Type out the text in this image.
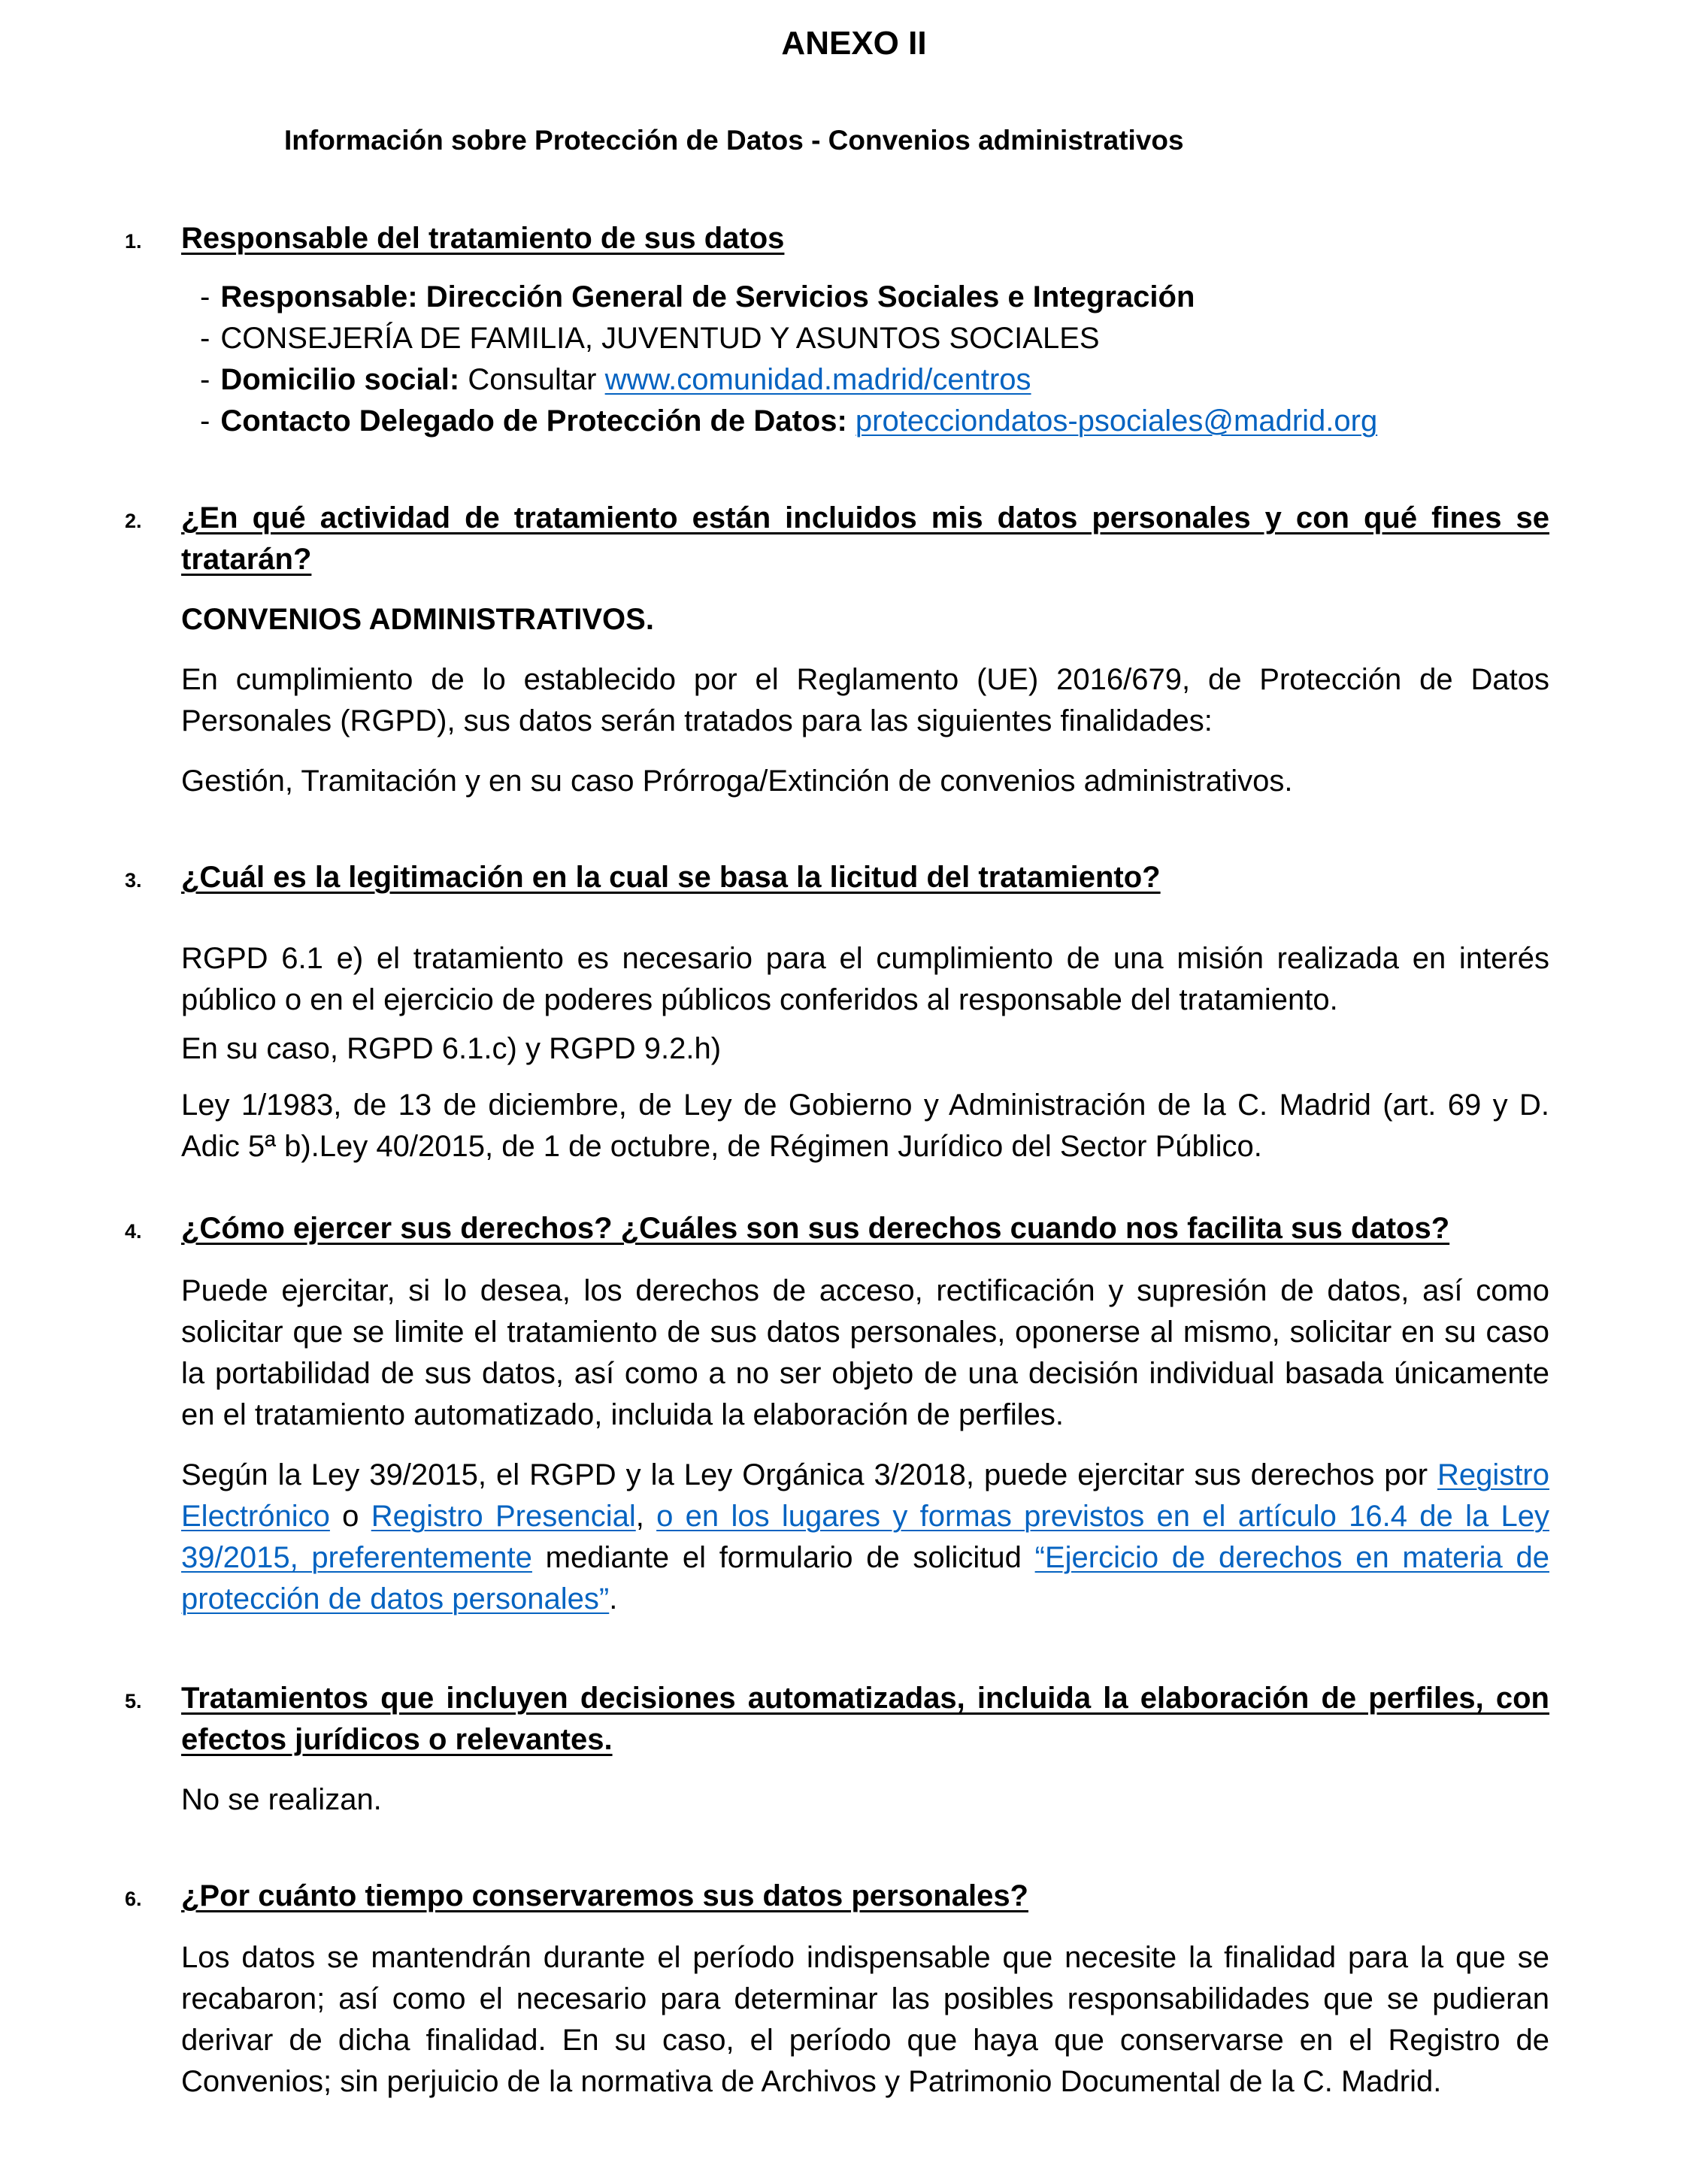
ANEXO II
Información sobre Protección de Datos - Convenios administrativos
1. Responsable del tratamiento de sus datos
- Responsable: Dirección General de Servicios Sociales e Integración
- CONSEJERÍA DE FAMILIA, JUVENTUD Y ASUNTOS SOCIALES
- Domicilio social: Consultar www.comunidad.madrid/centros
- Contacto Delegado de Protección de Datos: protecciondatos-psociales@madrid.org
2. ¿En qué actividad de tratamiento están incluidos mis datos personales y con qué fines se tratarán?
CONVENIOS ADMINISTRATIVOS.
En cumplimiento de lo establecido por el Reglamento (UE) 2016/679, de Protección de Datos Personales (RGPD), sus datos serán tratados para las siguientes finalidades:
Gestión, Tramitación y en su caso Prórroga/Extinción de convenios administrativos.
3. ¿Cuál es la legitimación en la cual se basa la licitud del tratamiento?
RGPD 6.1 e) el tratamiento es necesario para el cumplimiento de una misión realizada en interés público o en el ejercicio de poderes públicos conferidos al responsable del tratamiento.
En su caso, RGPD 6.1.c) y RGPD 9.2.h)
Ley 1/1983, de 13 de diciembre, de Ley de Gobierno y Administración de la C. Madrid (art. 69 y D. Adic 5ª b).Ley 40/2015, de 1 de octubre, de Régimen Jurídico del Sector Público.
4. ¿Cómo ejercer sus derechos? ¿Cuáles son sus derechos cuando nos facilita sus datos?
Puede ejercitar, si lo desea, los derechos de acceso, rectificación y supresión de datos, así como solicitar que se limite el tratamiento de sus datos personales, oponerse al mismo, solicitar en su caso la portabilidad de sus datos, así como a no ser objeto de una decisión individual basada únicamente en el tratamiento automatizado, incluida la elaboración de perfiles.
Según la Ley 39/2015, el RGPD y la Ley Orgánica 3/2018, puede ejercitar sus derechos por Registro Electrónico o Registro Presencial, o en los lugares y formas previstos en el artículo 16.4 de la Ley 39/2015, preferentemente mediante el formulario de solicitud “Ejercicio de derechos en materia de protección de datos personales”.
5. Tratamientos que incluyen decisiones automatizadas, incluida la elaboración de perfiles, con efectos jurídicos o relevantes.
No se realizan.
6. ¿Por cuánto tiempo conservaremos sus datos personales?
Los datos se mantendrán durante el período indispensable que necesite la finalidad para la que se recabaron; así como el necesario para determinar las posibles responsabilidades que se pudieran derivar de dicha finalidad. En su caso, el período que haya que conservarse en el Registro de Convenios; sin perjuicio de la normativa de Archivos y Patrimonio Documental de la C. Madrid.
